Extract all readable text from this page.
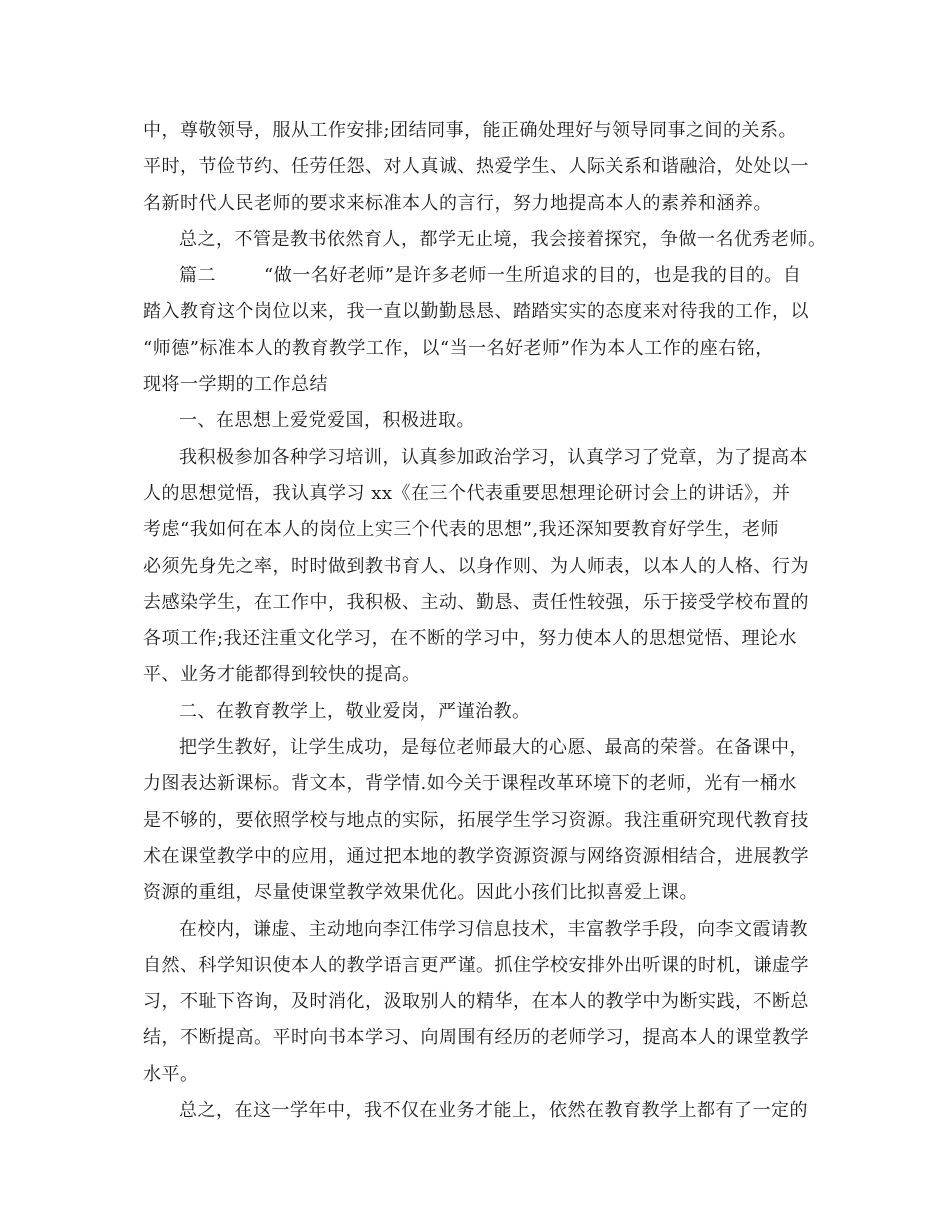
中，尊敬领导，服从工作安排;团结同事，能正确处理好与领导同事之间的关系。
平时，节俭节约、任劳任怨、对人真诚、热爱学生、人际关系和谐融洽，处处以一
名新时代人民老师的要求来标准本人的言行，努力地提高本人的素养和涵养。
总之，不管是教书依然育人，都学无止境，我会接着探究，争做一名优秀老师。
篇二	“做一名好老师”是许多老师一生所追求的目的，也是我的目的。自
踏入教育这个岗位以来，我一直以勤勤恳恳、踏踏实实的态度来对待我的工作，以
“师德”标准本人的教育教学工作，以“当一名好老师”作为本人工作的座右铭，
现将一学期的工作总结
一、在思想上爱党爱国，积极进取。
我积极参加各种学习培训，认真参加政治学习，认真学习了党章，为了提高本
人的思想觉悟，我认真学习 xx《在三个代表重要思想理论研讨会上的讲话》，并
考虑“我如何在本人的岗位上实三个代表的思想”,我还深知要教育好学生，老师
必须先身先之率，时时做到教书育人、以身作则、为人师表，以本人的人格、行为
去感染学生，在工作中，我积极、主动、勤恳、责任性较强，乐于接受学校布置的
各项工作;我还注重文化学习，在不断的学习中，努力使本人的思想觉悟、理论水
平、业务才能都得到较快的提高。
二、在教育教学上，敬业爱岗，严谨治教。
把学生教好，让学生成功，是每位老师最大的心愿、最高的荣誉。在备课中，
力图表达新课标。背文本，背学情.如今关于课程改革环境下的老师，光有一桶水
是不够的，要依照学校与地点的实际，拓展学生学习资源。我注重研究现代教育技
术在课堂教学中的应用，通过把本地的教学资源资源与网络资源相结合，进展教学
资源的重组，尽量使课堂教学效果优化。因此小孩们比拟喜爱上课。
在校内，谦虚、主动地向李江伟学习信息技术，丰富教学手段，向李文霞请教
自然、科学知识使本人的教学语言更严谨。抓住学校安排外出听课的时机，谦虚学
习，不耻下咨询，及时消化，汲取别人的精华，在本人的教学中为断实践，不断总
结，不断提高。平时向书本学习、向周围有经历的老师学习，提高本人的课堂教学
水平。
总之，在这一学年中，我不仅在业务才能上，依然在教育教学上都有了一定的
